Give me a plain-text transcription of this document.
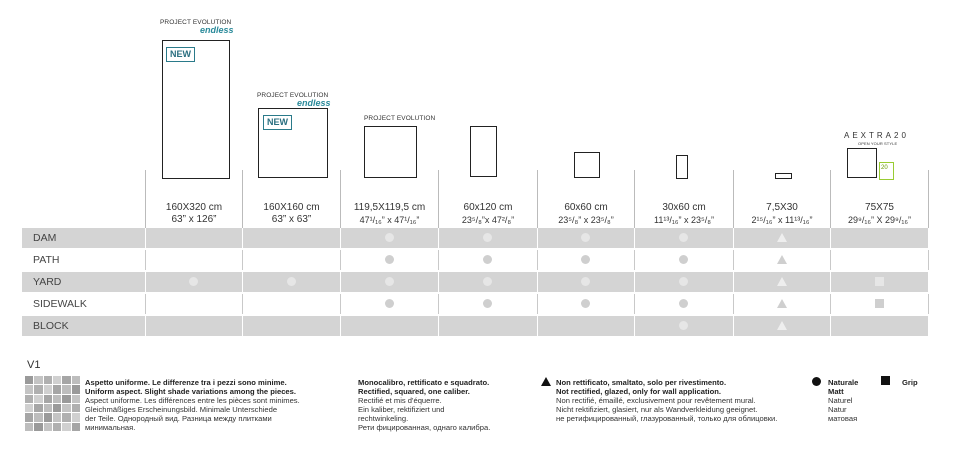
PROJECT EVOLUTION
endless
NEW
PROJECT EVOLUTION
endless
NEW	PROJECT EVOLUTION
AEXTRA20
OPEN YOUR STYLE
20
160X320 cm
63” x 126”
160X160 cm
63” x 63”
119,5X119,5 cm
47¹/₁₆” x 47¹/₁₆”
60x120 cm
23⁵/₈”x 47²/₈”
60x60 cm
23⁵/₈” x 23⁵/₈”
30x60 cm
11¹³/₁₆” x 23⁵/₈”
7,5X30
2¹⁵/₁₆” x 11¹³/₁₆”
75X75
29⁹/₁₆” X 29⁹/₁₆”
DAM
PATH
YARD
SIDEWALK
BLOCK
V1
Aspetto uniforme. Le differenze tra i pezzi sono minime.
Uniform aspect. Slight shade variations among the pieces.
Aspect uniforme. Les différences entre les pièces sont minimes.
Gleichmäßiges Erscheinungsbild. Minimale Unterschiede
der Teile. Однородный вид. Разница между плитками
минимальная.
Monocalibro, rettificato e squadrato.
Rectified, squared, one caliber.
Rectifié et mis d'équerre.
Ein kaliber, rektifiziert und
rechtwinkeling.
Рети фицированная, однаго калибра.
Non rettificato, smaltato, solo per rivestimento.
Not rectified, glazed, only for wall application.
Non rectifié, émaillé, exclusivement pour revêtement mural.
Nicht rektifiziert, glasiert, nur als Wandverkleidung geeignet.
не ретифицированный, глазурованный, только для облицовки.
Naturale
Matt
Naturel
Natur
матовая
Grip
